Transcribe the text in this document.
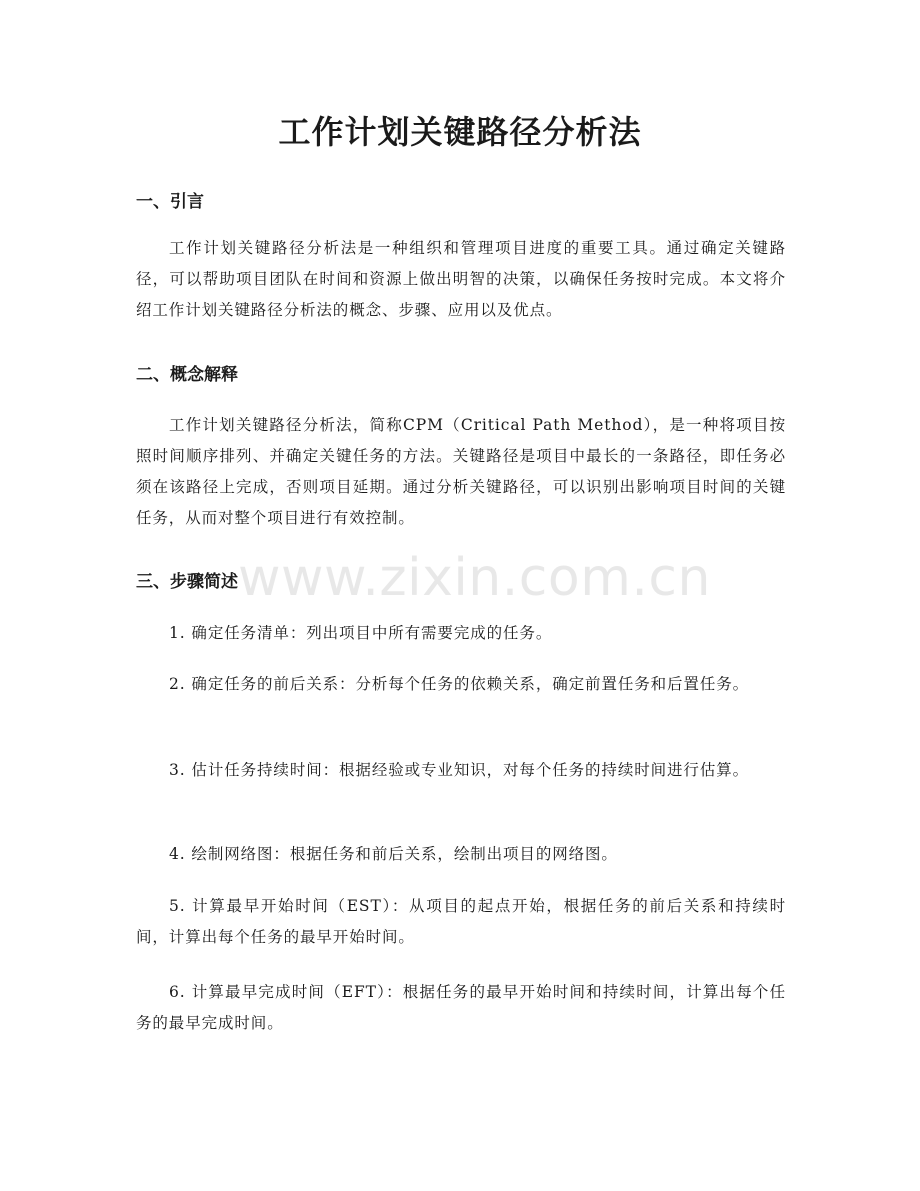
工作计划关键路径分析法
一、引言

工作计划关键路径分析法是一种组织和管理项目进度的重要工具。通过确定关键路径，可以帮助项目团队在时间和资源上做出明智的决策，以确保任务按时完成。本文将介绍工作计划关键路径分析法的概念、步骤、应用以及优点。

二、概念解释

工作计划关键路径分析法，简称CPM（Critical Path Method），是一种将项目按照时间顺序排列、并确定关键任务的方法。关键路径是项目中最长的一条路径，即任务必须在该路径上完成，否则项目延期。通过分析关键路径，可以识别出影响项目时间的关键任务，从而对整个项目进行有效控制。

三、步骤简述

1. 确定任务清单：列出项目中所有需要完成的任务。

2. 确定任务的前后关系：分析每个任务的依赖关系，确定前置任务和后置任务。

3. 估计任务持续时间：根据经验或专业知识，对每个任务的持续时间进行估算。

4. 绘制网络图：根据任务和前后关系，绘制出项目的网络图。

5. 计算最早开始时间（EST）：从项目的起点开始，根据任务的前后关系和持续时间，计算出每个任务的最早开始时间。

6. 计算最早完成时间（EFT）：根据任务的最早开始时间和持续时间，计算出每个任务的最早完成时间。

www.zixin.com.cn
